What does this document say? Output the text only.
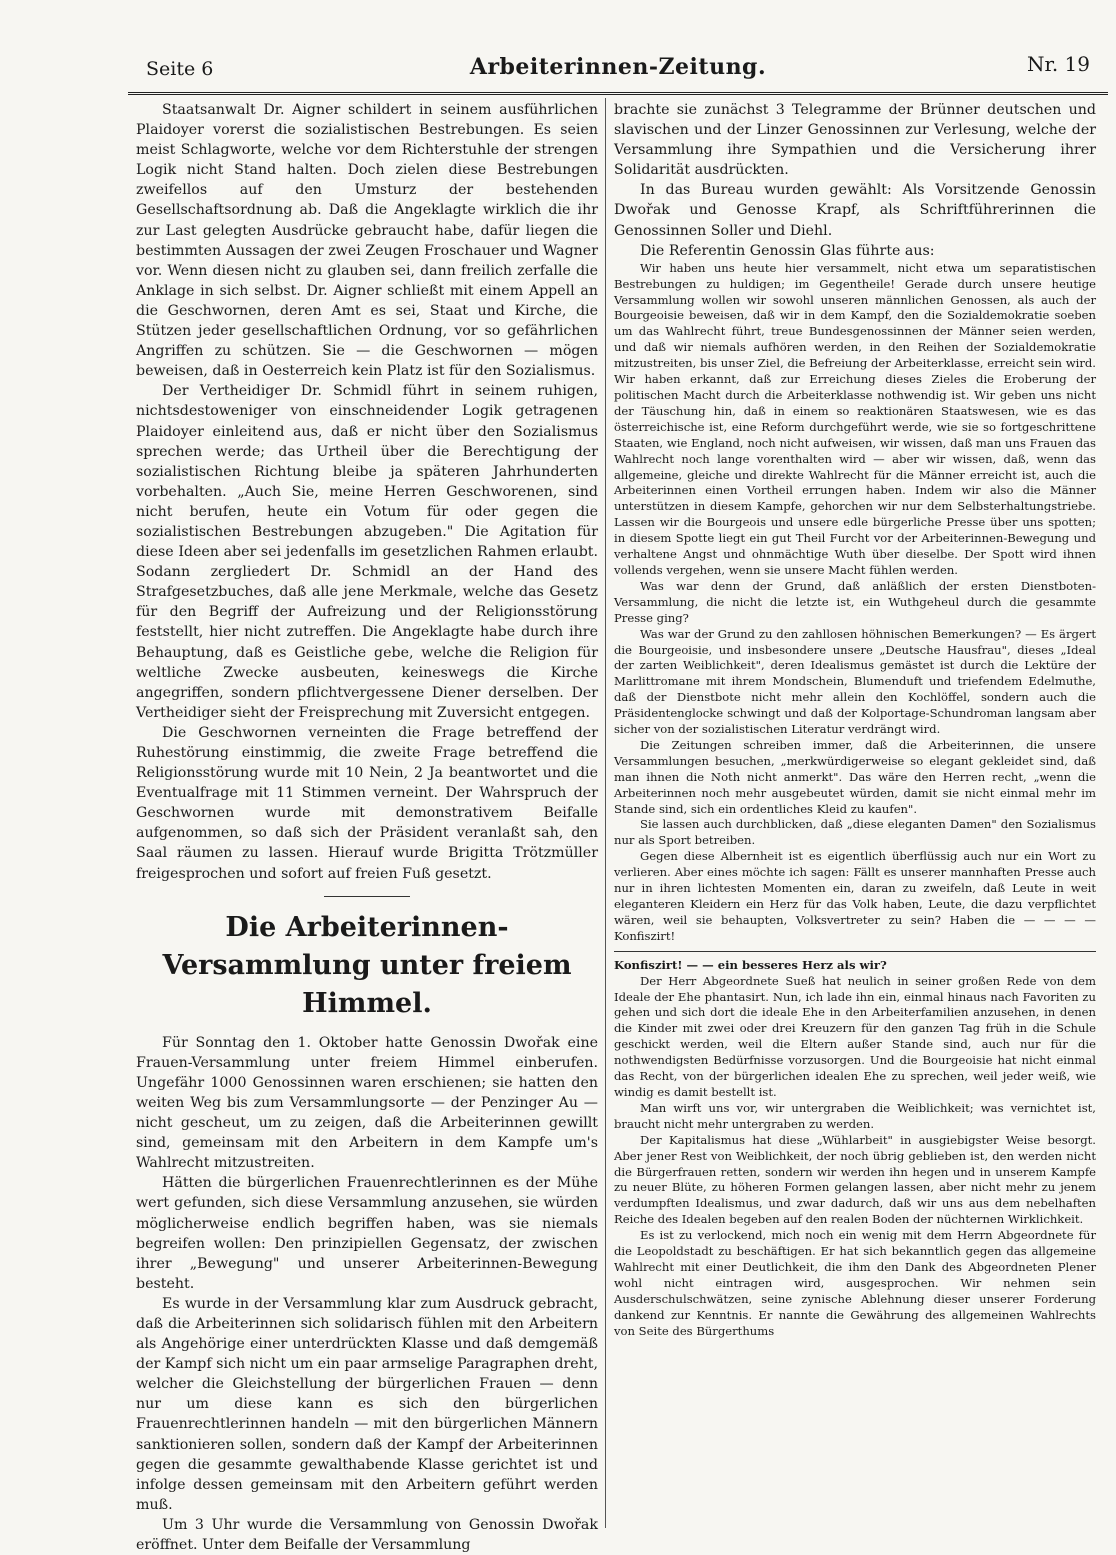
Seite 6	Arbeiterinnen-Zeitung.	Nr. 19

Staatsanwalt Dr. Aigner schildert in seinem ausführlichen Plaidoyer vorerst die sozialistischen Bestrebungen. Es seien meist Schlagworte, welche vor dem Richterstuhle der strengen Logik nicht Stand halten. Doch zielen diese Bestrebungen zweifellos auf den Umsturz der bestehenden Gesellschaftsordnung ab. Daß die Angeklagte wirklich die ihr zur Last gelegten Ausdrücke gebraucht habe, dafür liegen die bestimmten Aussagen der zwei Zeugen Froschauer und Wagner vor. Wenn diesen nicht zu glauben sei, dann freilich zerfalle die Anklage in sich selbst. Dr. Aigner schließt mit einem Appell an die Geschwornen, deren Amt es sei, Staat und Kirche, die Stützen jeder gesellschaftlichen Ordnung, vor so gefährlichen Angriffen zu schützen. Sie — die Geschwornen — mögen beweisen, daß in Oesterreich kein Platz ist für den Sozialismus.

Der Vertheidiger Dr. Schmidl führt in seinem ruhigen, nichtsdestoweniger von einschneidender Logik getragenen Plaidoyer einleitend aus, daß er nicht über den Sozialismus sprechen werde; das Urtheil über die Berechtigung der sozialistischen Richtung bleibe ja späteren Jahrhunderten vorbehalten. „Auch Sie, meine Herren Geschworenen, sind nicht berufen, heute ein Votum für oder gegen die sozialistischen Bestrebungen abzugeben." Die Agitation für diese Ideen aber sei jedenfalls im gesetzlichen Rahmen erlaubt. Sodann zergliedert Dr. Schmidl an der Hand des Strafgesetzbuches, daß alle jene Merkmale, welche das Gesetz für den Begriff der Aufreizung und der Religionsstörung feststellt, hier nicht zutreffen. Die Angeklagte habe durch ihre Behauptung, daß es Geistliche gebe, welche die Religion für weltliche Zwecke ausbeuten, keineswegs die Kirche angegriffen, sondern pflichtvergessene Diener derselben. Der Vertheidiger sieht der Freisprechung mit Zuversicht entgegen.

Die Geschwornen verneinten die Frage betreffend der Ruhestörung einstimmig, die zweite Frage betreffend die Religionsstörung wurde mit 10 Nein, 2 Ja beantwortet und die Eventualfrage mit 11 Stimmen verneint. Der Wahrspruch der Geschwornen wurde mit demonstrativem Beifalle aufgenommen, so daß sich der Präsident veranlaßt sah, den Saal räumen zu lassen. Hierauf wurde Brigitta Trötzmüller freigesprochen und sofort auf freien Fuß gesetzt.

Die Arbeiterinnen-Versammlung unter freiem Himmel.

Für Sonntag den 1. Oktober hatte Genossin Dwořak eine Frauen-Versammlung unter freiem Himmel einberufen. Ungefähr 1000 Genossinnen waren erschienen; sie hatten den weiten Weg bis zum Versammlungsorte — der Penzinger Au — nicht gescheut, um zu zeigen, daß die Arbeiterinnen gewillt sind, gemeinsam mit den Arbeitern in dem Kampfe um's Wahlrecht mitzustreiten.

Hätten die bürgerlichen Frauenrechtlerinnen es der Mühe wert gefunden, sich diese Versammlung anzusehen, sie würden möglicherweise endlich begriffen haben, was sie niemals begreifen wollen: Den prinzipiellen Gegensatz, der zwischen ihrer „Bewegung" und unserer Arbeiterinnen-Bewegung besteht.

Es wurde in der Versammlung klar zum Ausdruck gebracht, daß die Arbeiterinnen sich solidarisch fühlen mit den Arbeitern als Angehörige einer unterdrückten Klasse und daß demgemäß der Kampf sich nicht um ein paar armselige Paragraphen dreht, welcher die Gleichstellung der bürgerlichen Frauen — denn nur um diese kann es sich den bürgerlichen Frauenrechtlerinnen handeln — mit den bürgerlichen Männern sanktionieren sollen, sondern daß der Kampf der Arbeiterinnen gegen die gesammte gewalthabende Klasse gerichtet ist und infolge dessen gemeinsam mit den Arbeitern geführt werden muß.

Um 3 Uhr wurde die Versammlung von Genossin Dwořak eröffnet. Unter dem Beifalle der Versammlung

brachte sie zunächst 3 Telegramme der Brünner deutschen und slavischen und der Linzer Genossinnen zur Verlesung, welche der Versammlung ihre Sympathien und die Versicherung ihrer Solidarität ausdrückten.

In das Bureau wurden gewählt: Als Vorsitzende Genossin Dwořak und Genosse Krapf, als Schriftführerinnen die Genossinnen Soller und Diehl.

Die Referentin Genossin Glas führte aus:

Wir haben uns heute hier versammelt, nicht etwa um separatistischen Bestrebungen zu huldigen; im Gegentheile! Gerade durch unsere heutige Versammlung wollen wir sowohl unseren männlichen Genossen, als auch der Bourgeoisie beweisen, daß wir in dem Kampf, den die Sozialdemokratie soeben um das Wahlrecht führt, treue Bundesgenossinnen der Männer seien werden, und daß wir niemals aufhören werden, in den Reihen der Sozialdemokratie mitzustreiten, bis unser Ziel, die Befreiung der Arbeiterklasse, erreicht sein wird. Wir haben erkannt, daß zur Erreichung dieses Zieles die Eroberung der politischen Macht durch die Arbeiterklasse nothwendig ist. Wir geben uns nicht der Täuschung hin, daß in einem so reaktionären Staatswesen, wie es das österreichische ist, eine Reform durchgeführt werde, wie sie so fortgeschrittene Staaten, wie England, noch nicht aufweisen, wir wissen, daß man uns Frauen das Wahlrecht noch lange vorenthalten wird — aber wir wissen, daß, wenn das allgemeine, gleiche und direkte Wahlrecht für die Männer erreicht ist, auch die Arbeiterinnen einen Vortheil errungen haben. Indem wir also die Männer unterstützen in diesem Kampfe, gehorchen wir nur dem Selbsterhaltungstriebe. Lassen wir die Bourgeois und unsere edle bürgerliche Presse über uns spotten; in diesem Spotte liegt ein gut Theil Furcht vor der Arbeiterinnen-Bewegung und verhaltene Angst und ohnmächtige Wuth über dieselbe. Der Spott wird ihnen vollends vergehen, wenn sie unsere Macht fühlen werden.

Was war denn der Grund, daß anläßlich der ersten Dienstboten-Versammlung, die nicht die letzte ist, ein Wuthgeheul durch die gesammte Presse ging?

Was war der Grund zu den zahllosen höhnischen Bemerkungen? — Es ärgert die Bourgeoisie, und insbesondere unsere „Deutsche Hausfrau", dieses „Ideal der zarten Weiblichkeit", deren Idealismus gemästet ist durch die Lektüre der Marlittromane mit ihrem Mondschein, Blumenduft und triefendem Edelmuthe, daß der Dienstbote nicht mehr allein den Kochlöffel, sondern auch die Präsidentenglocke schwingt und daß der Kolportage-Schundroman langsam aber sicher von der sozialistischen Literatur verdrängt wird.

Die Zeitungen schreiben immer, daß die Arbeiterinnen, die unsere Versammlungen besuchen, „merkwürdigerweise so elegant gekleidet sind, daß man ihnen die Noth nicht anmerkt". Das wäre den Herren recht, „wenn die Arbeiterinnen noch mehr ausgebeutet würden, damit sie nicht einmal mehr im Stande sind, sich ein ordentliches Kleid zu kaufen".

Sie lassen auch durchblicken, daß „diese eleganten Damen" den Sozialismus nur als Sport betreiben.

Gegen diese Albernheit ist es eigentlich überflüssig auch nur ein Wort zu verlieren. Aber eines möchte ich sagen: Fällt es unserer mannhaften Presse auch nur in ihren lichtesten Momenten ein, daran zu zweifeln, daß Leute in weit eleganteren Kleidern ein Herz für das Volk haben, Leute, die dazu verpflichtet wären, weil sie behaupten, Volksvertreter zu sein? Haben die — — — — Konfiszirt!

Konfiszirt! — — ein besseres Herz als wir?

Der Herr Abgeordnete Sueß hat neulich in seiner großen Rede von dem Ideale der Ehe phantasirt. Nun, ich lade ihn ein, einmal hinaus nach Favoriten zu gehen und sich dort die ideale Ehe in den Arbeiterfamilien anzusehen, in denen die Kinder mit zwei oder drei Kreuzern für den ganzen Tag früh in die Schule geschickt werden, weil die Eltern außer Stande sind, auch nur für die nothwendigsten Bedürfnisse vorzusorgen. Und die Bourgeoisie hat nicht einmal das Recht, von der bürgerlichen idealen Ehe zu sprechen, weil jeder weiß, wie windig es damit bestellt ist.

Man wirft uns vor, wir untergraben die Weiblichkeit; was vernichtet ist, braucht nicht mehr untergraben zu werden.

Der Kapitalismus hat diese „Wühlarbeit" in ausgiebigster Weise besorgt. Aber jener Rest von Weiblichkeit, der noch übrig geblieben ist, den werden nicht die Bürgerfrauen retten, sondern wir werden ihn hegen und in unserem Kampfe zu neuer Blüte, zu höheren Formen gelangen lassen, aber nicht mehr zu jenem verdumpften Idealismus, und zwar dadurch, daß wir uns aus dem nebelhaften Reiche des Idealen begeben auf den realen Boden der nüchternen Wirklichkeit.

Es ist zu verlockend, mich noch ein wenig mit dem Herrn Abgeordnete für die Leopoldstadt zu beschäftigen. Er hat sich bekanntlich gegen das allgemeine Wahlrecht mit einer Deutlichkeit, die ihm den Dank des Abgeordneten Plener wohl nicht eintragen wird, ausgesprochen. Wir nehmen sein Ausderschulschwätzen, seine zynische Ablehnung dieser unserer Forderung dankend zur Kenntnis. Er nannte die Gewährung des allgemeinen Wahlrechts von Seite des Bürgerthums
